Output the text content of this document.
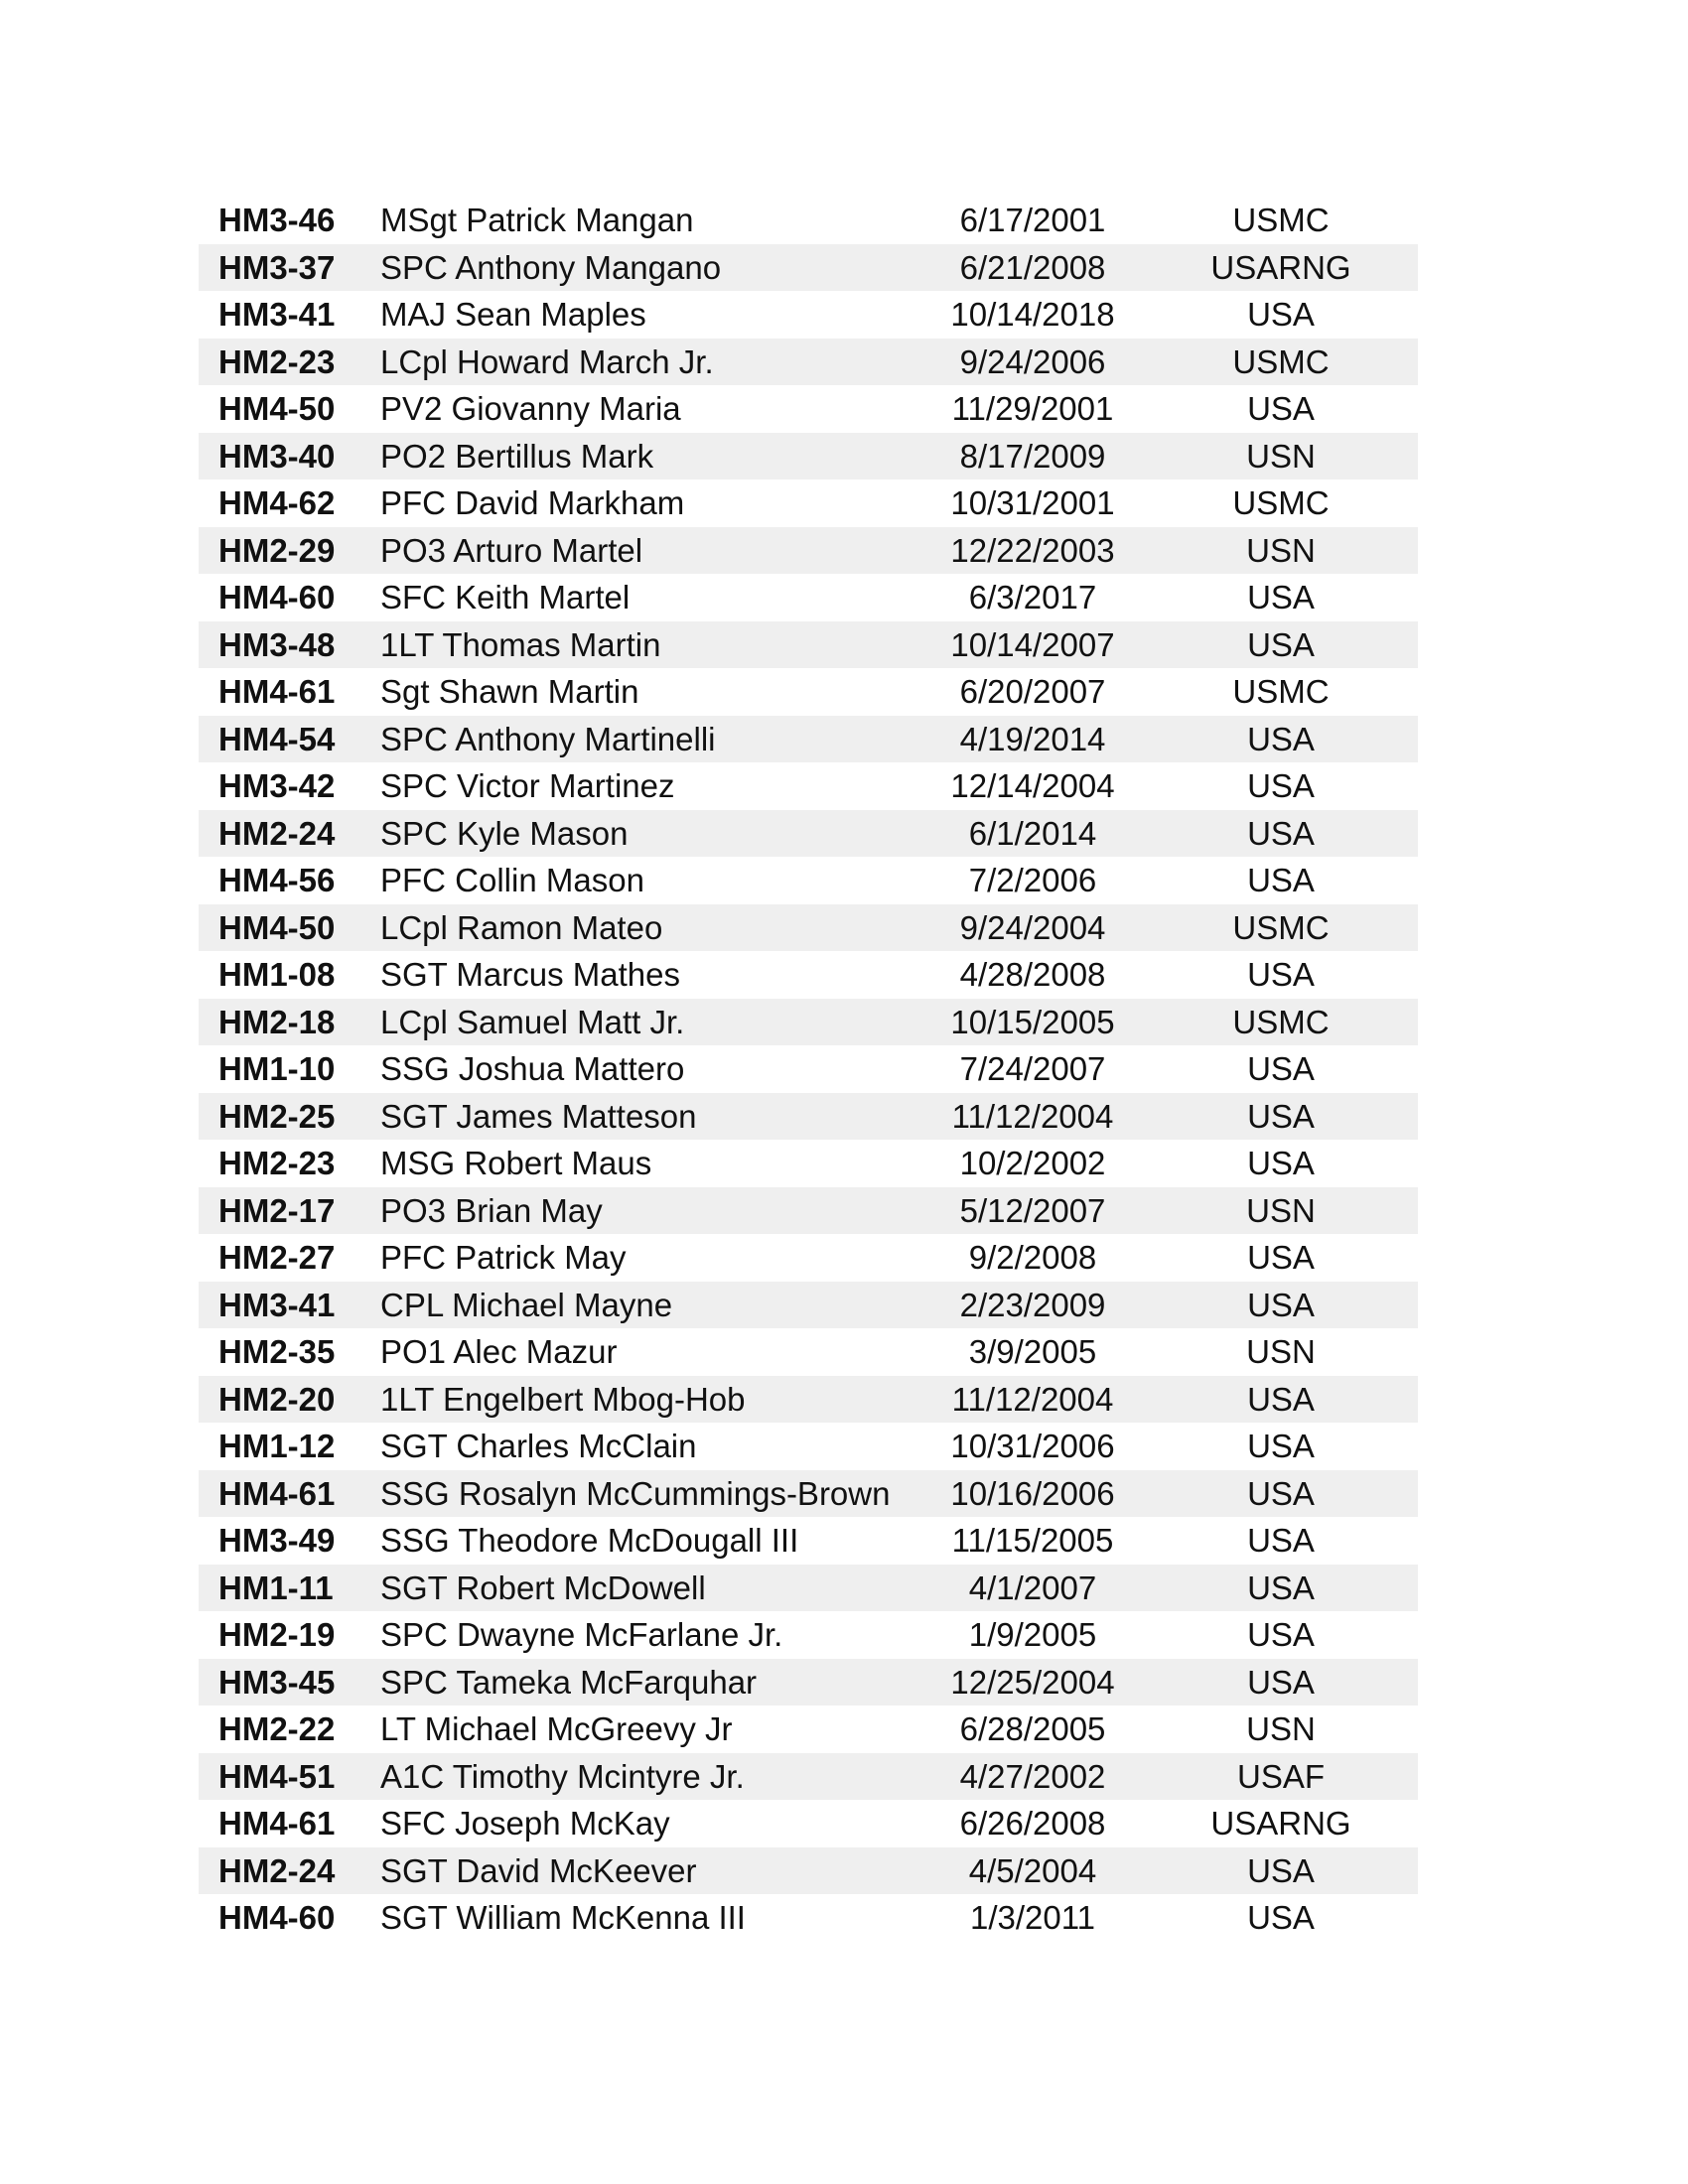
HM3-46	MSgt Patrick Mangan	6/17/2001	USMC
HM3-37	SPC Anthony Mangano	6/21/2008	USARNG
HM3-41	MAJ Sean Maples	10/14/2018	USA
HM2-23	LCpl Howard March Jr.	9/24/2006	USMC
HM4-50	PV2 Giovanny Maria	11/29/2001	USA
HM3-40	PO2 Bertillus Mark	8/17/2009	USN
HM4-62	PFC David Markham	10/31/2001	USMC
HM2-29	PO3 Arturo Martel	12/22/2003	USN
HM4-60	SFC Keith Martel	6/3/2017	USA
HM3-48	1LT Thomas Martin	10/14/2007	USA
HM4-61	Sgt Shawn Martin	6/20/2007	USMC
HM4-54	SPC Anthony Martinelli	4/19/2014	USA
HM3-42	SPC Victor Martinez	12/14/2004	USA
HM2-24	SPC Kyle Mason	6/1/2014	USA
HM4-56	PFC Collin Mason	7/2/2006	USA
HM4-50	LCpl Ramon Mateo	9/24/2004	USMC
HM1-08	SGT Marcus Mathes	4/28/2008	USA
HM2-18	LCpl Samuel Matt Jr.	10/15/2005	USMC
HM1-10	SSG Joshua Mattero	7/24/2007	USA
HM2-25	SGT James Matteson	11/12/2004	USA
HM2-23	MSG Robert Maus	10/2/2002	USA
HM2-17	PO3 Brian May	5/12/2007	USN
HM2-27	PFC Patrick May	9/2/2008	USA
HM3-41	CPL Michael Mayne	2/23/2009	USA
HM2-35	PO1 Alec Mazur	3/9/2005	USN
HM2-20	1LT Engelbert Mbog-Hob	11/12/2004	USA
HM1-12	SGT Charles McClain	10/31/2006	USA
HM4-61	SSG Rosalyn McCummings-Brown	10/16/2006	USA
HM3-49	SSG Theodore McDougall III	11/15/2005	USA
HM1-11	SGT Robert McDowell	4/1/2007	USA
HM2-19	SPC Dwayne McFarlane Jr.	1/9/2005	USA
HM3-45	SPC Tameka McFarquhar	12/25/2004	USA
HM2-22	LT Michael McGreevy Jr	6/28/2005	USN
HM4-51	A1C Timothy Mcintyre Jr.	4/27/2002	USAF
HM4-61	SFC Joseph McKay	6/26/2008	USARNG
HM2-24	SGT David McKeever	4/5/2004	USA
HM4-60	SGT William McKenna III	1/3/2011	USA
